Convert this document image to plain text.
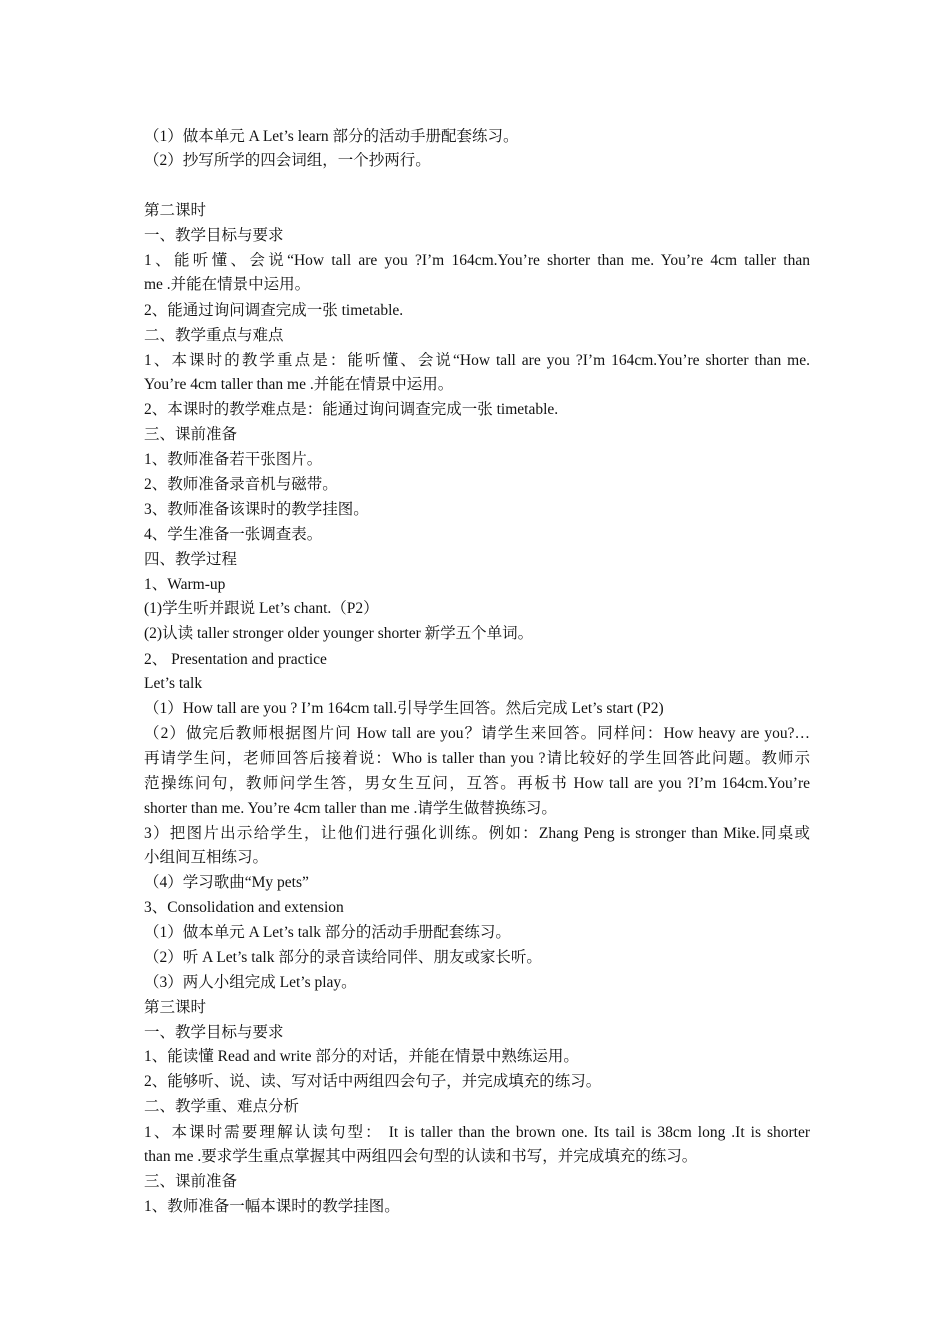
（1）做本单元 A Let’s learn 部分的活动手册配套练习。
（2）抄写所学的四会词组，一个抄两行。
第二课时
一、教学目标与要求
1、能听懂、会说“How tall are you ?I’m 164cm.You’re shorter than me. You’re 4cm taller than
me .并能在情景中运用。
2、能通过询问调查完成一张 timetable.
二、教学重点与难点
1、本课时的教学重点是：能听懂、会说“How tall are you ?I’m 164cm.You’re shorter than me.
You’re 4cm taller than me .并能在情景中运用。
2、本课时的教学难点是：能通过询问调查完成一张 timetable.
三、课前准备
1、教师准备若干张图片。
2、教师准备录音机与磁带。
3、教师准备该课时的教学挂图。
4、学生准备一张调查表。
四、教学过程
1、Warm-up
(1)学生听并跟说 Let’s chant.（P2）
(2)认读 taller stronger older younger shorter 新学五个单词。
2、 Presentation and practice
Let’s talk
（1）How tall are you ? I’m 164cm tall.引导学生回答。然后完成 Let’s start (P2)
（2）做完后教师根据图片问 How tall are you？请学生来回答。同样问：How heavy are you?…
再请学生问，老师回答后接着说：Who is taller than you ?请比较好的学生回答此问题。教师示
范操练问句，教师问学生答，男女生互问，互答。再板书 How tall are you ?I’m 164cm.You’re
shorter than me. You’re 4cm taller than me .请学生做替换练习。
3）把图片出示给学生，让他们进行强化训练。例如：Zhang Peng is stronger than Mike.同桌或
小组间互相练习。
（4）学习歌曲“My pets”
3、Consolidation and extension
（1）做本单元 A Let’s talk 部分的活动手册配套练习。
（2）听 A Let’s talk 部分的录音读给同伴、朋友或家长听。
（3）两人小组完成 Let’s play。
第三课时
一、教学目标与要求
1、能读懂 Read and write 部分的对话，并能在情景中熟练运用。
2、能够听、说、读、写对话中两组四会句子，并完成填充的练习。
二、教学重、难点分析
1、本课时需要理解认读句型： It is taller than the brown one. Its tail is 38cm long .It is shorter
than me .要求学生重点掌握其中两组四会句型的认读和书写，并完成填充的练习。
三、课前准备
1、教师准备一幅本课时的教学挂图。
